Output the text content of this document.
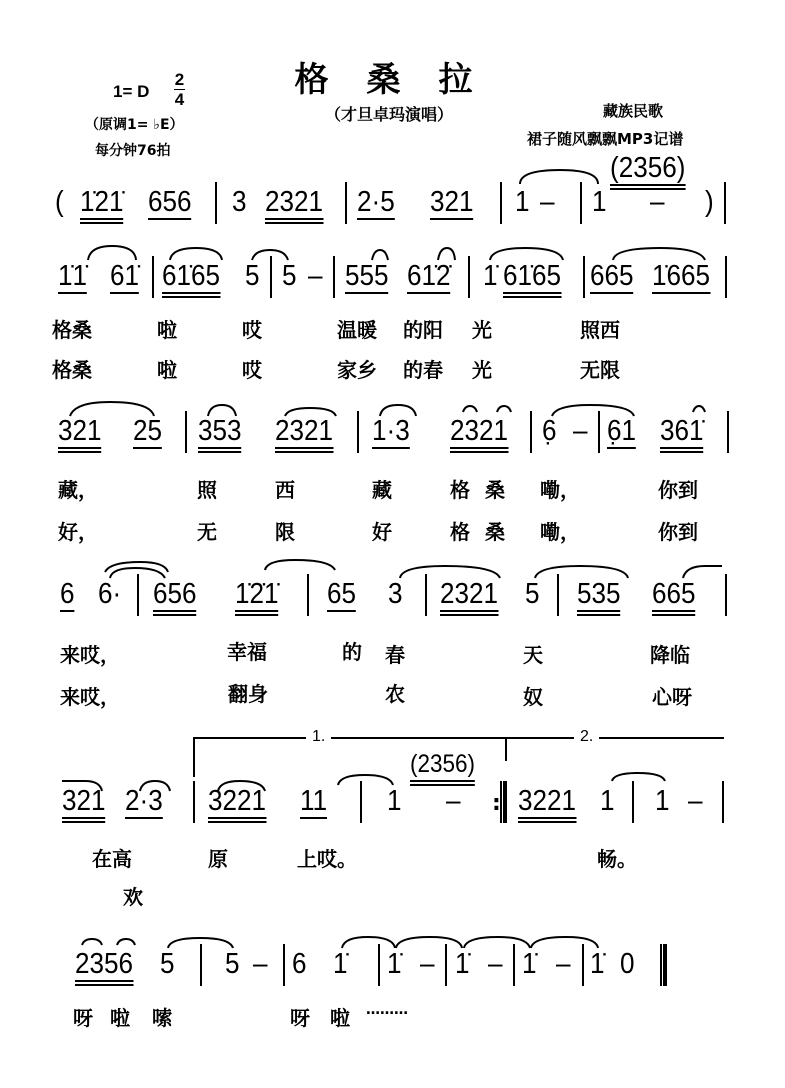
格桑拉
1= D
2
4
（原调1= ♭E）
每分钟76拍
（才旦卓玛演唱）	藏族民歌
裙子随风飘飘MP3记谱
( 1̇21̇ 656 3 2321 2·5 321 1 – 1 – )
(2356)
1̇1̇ 61̇ 61̇65 5 5 – 555 61̇2̇ 1̇ 61̇65 665 1̇665
格桑	啦	哎	温暖 的阳 光	照西
格桑	啦	哎	家乡 的春 光	无限
321 25 353 2321 1·3 2321 6̣ – 6̣1 361̇
藏，	照	西	藏	格 桑 嘞，	你到
好，	无	限	好	格 桑 嘞，	你到
6 6· 656 1̇2̇1̇ 65 3 2321 5 535 665
来哎，	幸福	的 春	天	降临
来哎，	翻身	农	奴	心呀
1.	2.
321 2·3 3221 11 1 – : 3221 1 1 –
(2356)
在高	原	上哎。	畅。
欢
2356 5 5 – 6 1̇ 1̇ – 1̇ – 1̇ – 1̇ 0
呀 啦 嗦	呀 啦 ………
